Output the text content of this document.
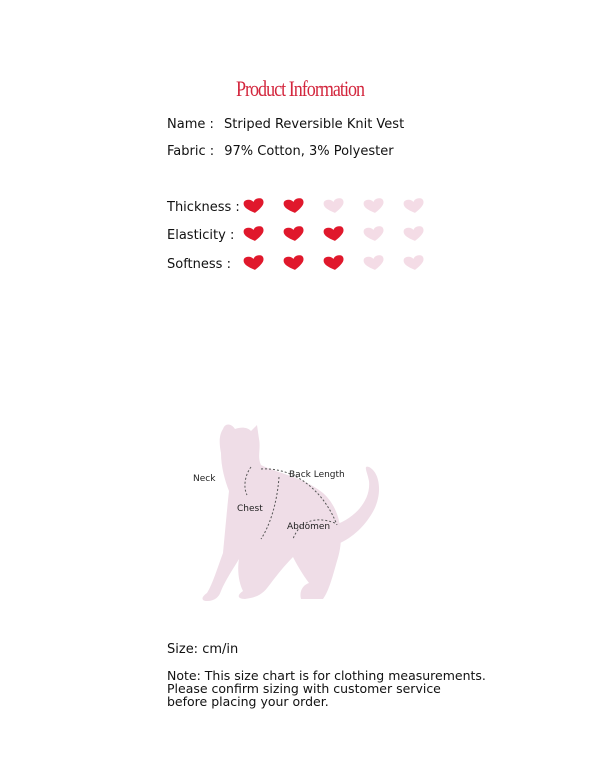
Product Information
Name : Striped Reversible Knit Vest
Fabric : 97% Cotton, 3% Polyester
Thickness :
Elasticity :
Softness :
Neck	Back Length
Chest
Abdomen
Size: cm/in
Note: This size chart is for clothing measurements.
Please confirm sizing with customer service
before placing your order.
